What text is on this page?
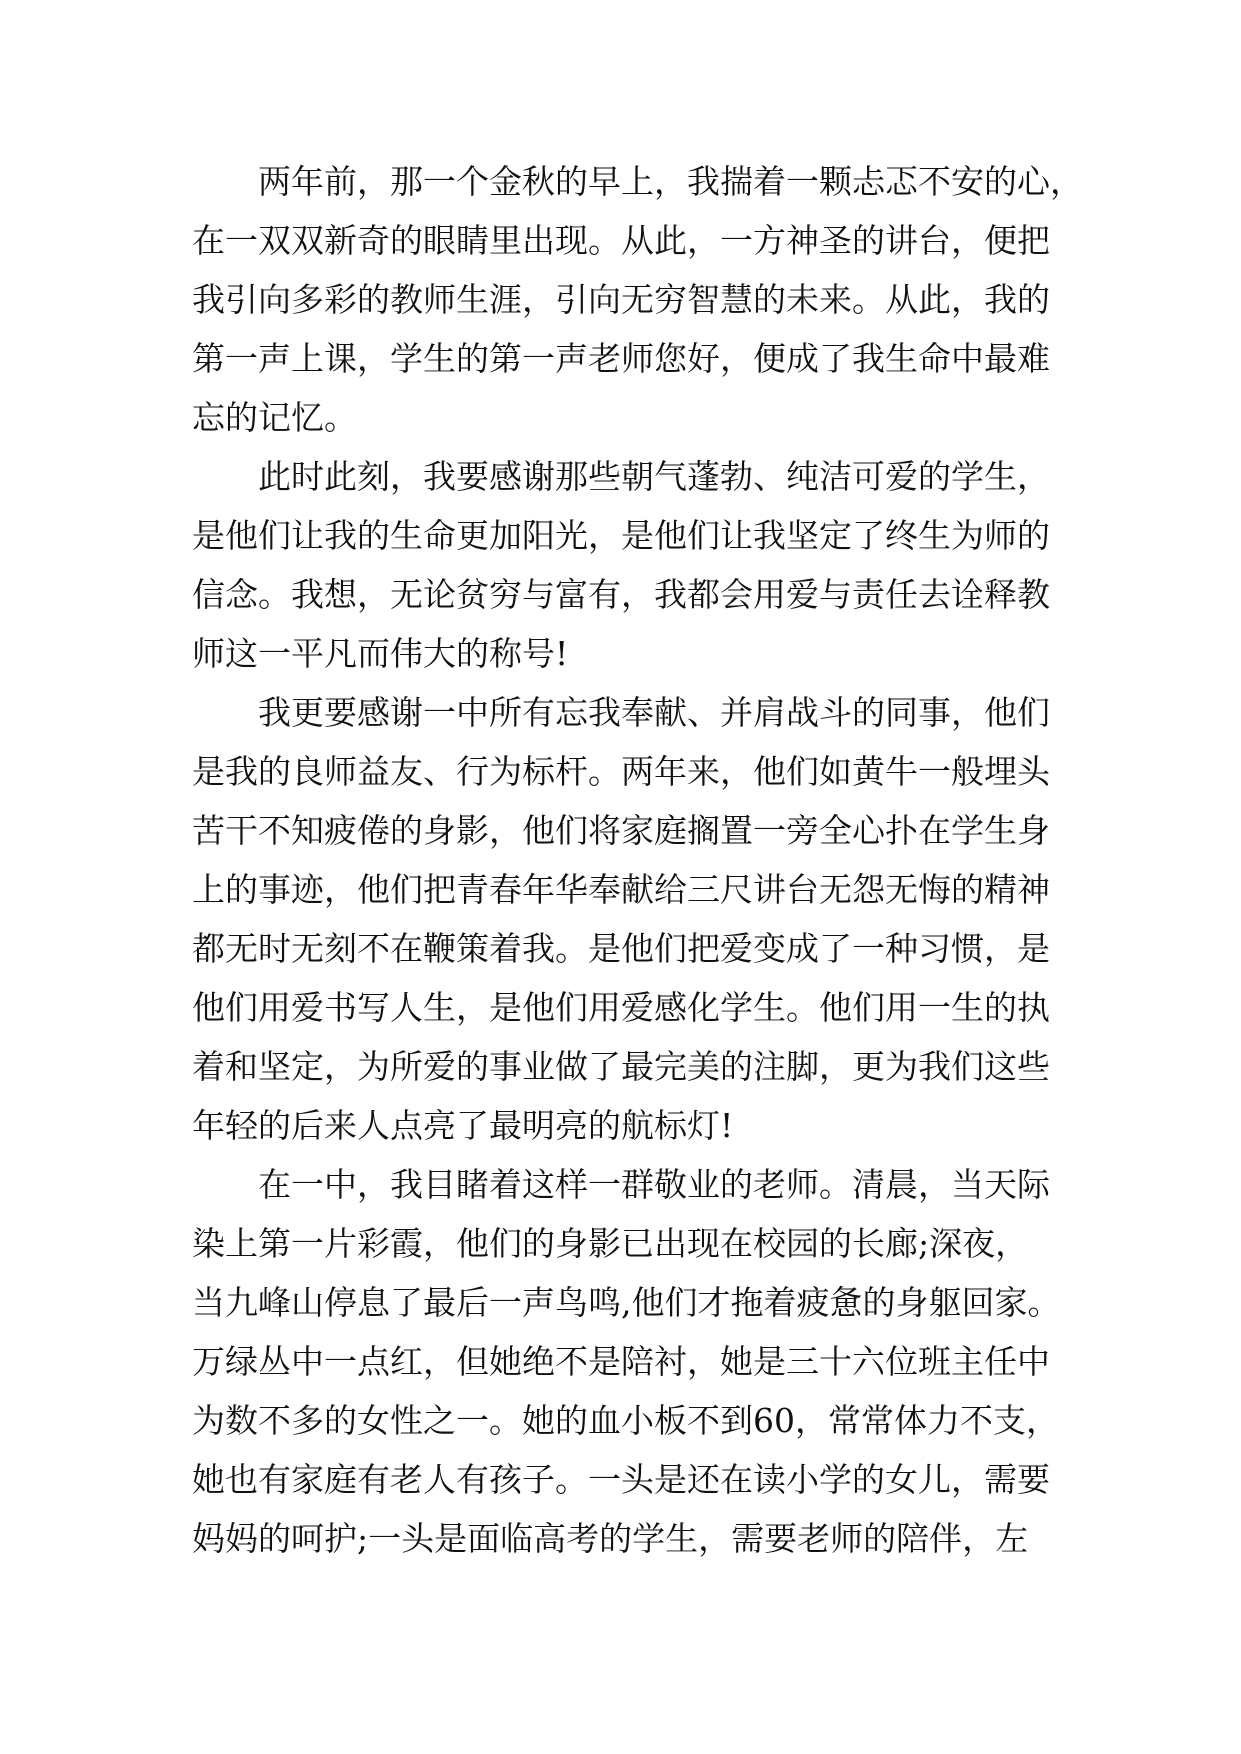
两年前，那一个金秋的早上，我揣着一颗忐忑不安的心，
在一双双新奇的眼睛里出现。从此，一方神圣的讲台，便把
我引向多彩的教师生涯，引向无穷智慧的未来。从此，我的
第一声上课，学生的第一声老师您好，便成了我生命中最难
忘的记忆。
此时此刻，我要感谢那些朝气蓬勃、纯洁可爱的学生，
是他们让我的生命更加阳光，是他们让我坚定了终生为师的
信念。我想，无论贫穷与富有，我都会用爱与责任去诠释教
师这一平凡而伟大的称号!
我更要感谢一中所有忘我奉献、并肩战斗的同事，他们
是我的良师益友、行为标杆。两年来，他们如黄牛一般埋头
苦干不知疲倦的身影，他们将家庭搁置一旁全心扑在学生身
上的事迹，他们把青春年华奉献给三尺讲台无怨无悔的精神
都无时无刻不在鞭策着我。是他们把爱变成了一种习惯，是
他们用爱书写人生，是他们用爱感化学生。他们用一生的执
着和坚定，为所爱的事业做了最完美的注脚，更为我们这些
年轻的后来人点亮了最明亮的航标灯!
在一中，我目睹着这样一群敬业的老师。清晨，当天际
染上第一片彩霞，他们的身影已出现在校园的长廊;深夜，
当九峰山停息了最后一声鸟鸣,他们才拖着疲惫的身躯回家。
万绿丛中一点红，但她绝不是陪衬，她是三十六位班主任中
为数不多的女性之一。她的血小板不到60，常常体力不支，
她也有家庭有老人有孩子。一头是还在读小学的女儿，需要
妈妈的呵护;一头是面临高考的学生，需要老师的陪伴，左
